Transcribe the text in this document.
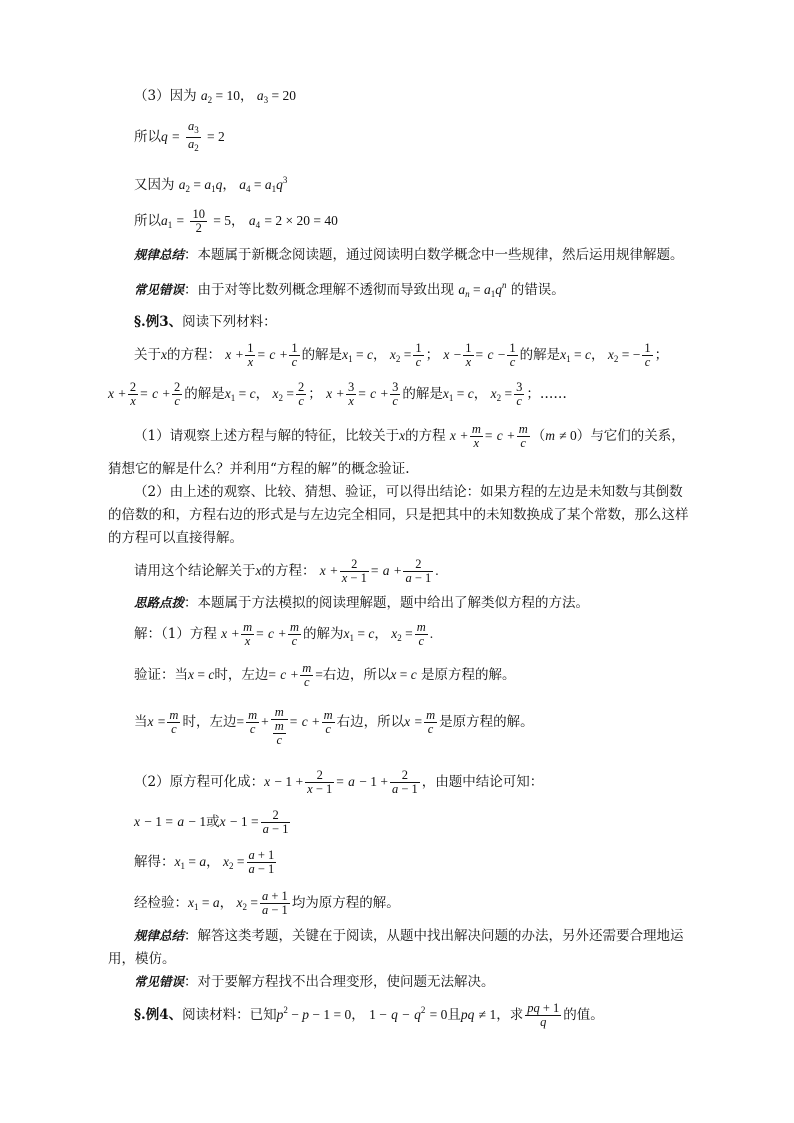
（3）因为 $a_2 = 10$， $a_3 = 20$
所以$q = \frac{a_3}{a_2} = 2$
又因为 $a_2 = a_1q$， $a_4 = a_1q^3$
所以$a_1 = \frac{10}{2} = 5$， $a_4 = 2 \times 20 = 40$
规律总结：本题属于新概念阅读题，通过阅读明白数学概念中一些规律，然后运用规律解题。
常见错误：由于对等比数列概念理解不透彻而导致出现 $a_n = a_1q^n$ 的错误。
§.例3、阅读下列材料：
关于x的方程： $x + \frac{1}{x} = c + \frac{1}{c}$ 的解是$x_1 = c$， $x_2 = \frac{1}{c}$ ； $x - \frac{1}{x} = c - \frac{1}{c}$ 的解是$x_1 = c$， $x_2$ = − $\frac{1}{c}$ ；
$x + \frac{2}{x} = c + \frac{2}{c}$ 的解是$x_1 = c$， $x_2 = \frac{2}{c}$ ； $x + \frac{3}{x} = c + \frac{3}{c}$ 的解是$x_1 = c$， $x_2 = \frac{3}{c}$ ；……
（1）请观察上述方程与解的特征，比较关于x的方程 $x + \frac{m}{x} = c + \frac{m}{c} (m \ne 0)$与它们的关系，
猜想它的解是什么？并利用“方程的解”的概念验证.
（2）由上述的观察、比较、猜想、验证，可以得出结论：如果方程的左边是未知数与其倒数
的倍数的和，方程右边的形式是与左边完全相同，只是把其中的未知数换成了某个常数，那么这样
的方程可以直接得解。
请用这个结论解关于x的方程： $x + \frac{2}{x - 1} = a + \frac{2}{a - 1}$ .
思路点拨：本题属于方法模拟的阅读理解题，题中给出了解类似方程的方法。
解：（1）方程 $x + \frac{m}{x} = c + \frac{m}{c}$ 的解为$x_1 = c$， $x_2 = \frac{m}{c}$ .
验证：当x = c时，左边= $c + \frac{m}{c}$ =右边，所以x = c 是原方程的解。
当$x = \frac{m}{c}$ 时，左边= $\frac{m}{c} + \frac{m}{\frac{m}{c}} = c + \frac{m}{c}$ 右边，所以$x = \frac{m}{c}$ 是原方程的解。
（2）原方程可化成：$x - 1 + \frac{2}{x - 1} = a - 1 + \frac{2}{a - 1}$ ，由题中结论可知：
x − 1 = a − 1或$x - 1 = \frac{2}{a - 1}$
解得：$x_1 = a$， $x_2 = \frac{a + 1}{a - 1}$
经检验：$x_1 = a$， $x_2 = \frac{a + 1}{a - 1}$ 均为原方程的解。
规律总结：解答这类考题，关键在于阅读，从题中找出解决问题的办法，另外还需要合理地运
用，模仿。
常见错误：对于要解方程找不出合理变形，使问题无法解决。
§.例4、阅读材料：已知$p^2 - p - 1 = 0$， $1 - q - q^2 = 0$且pq ≠ 1，求 $\frac{pq + 1}{q}$ 的值。
